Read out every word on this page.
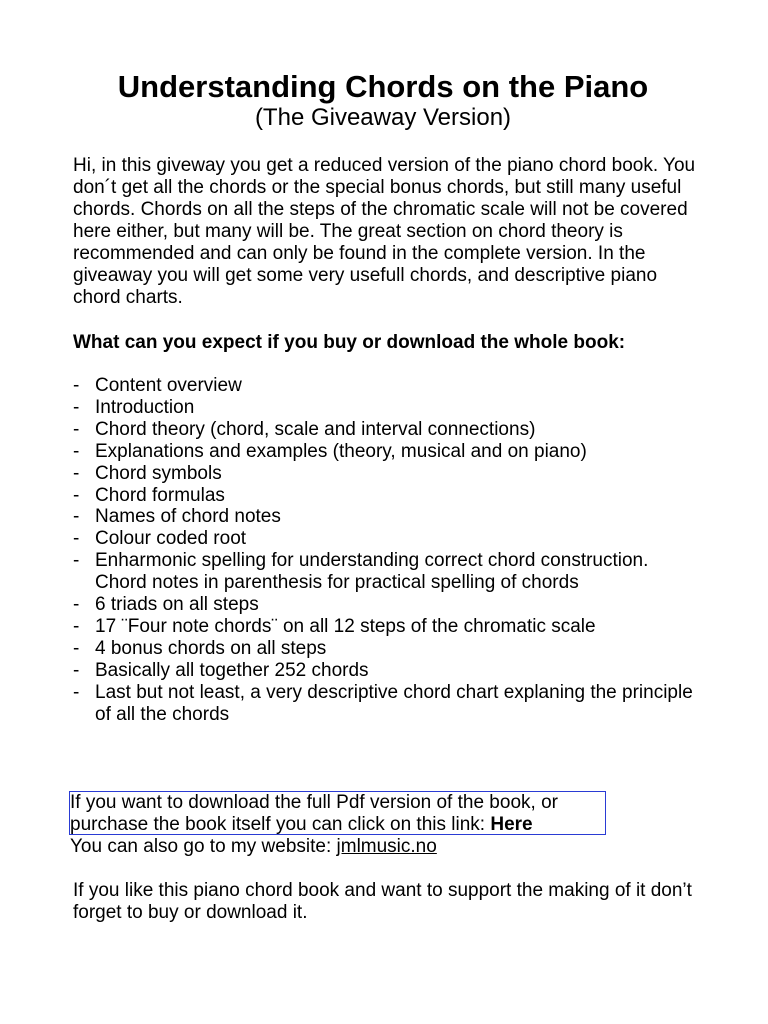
Understanding Chords on the Piano
(The Giveaway Version)

Hi, in this giveway you get a reduced version of the piano chord book. You don´t get all the chords or the special bonus chords, but still many useful chords. Chords on all the steps of the chromatic scale will not be covered here either, but many will be. The great section on chord theory is recommended and can only be found in the complete version. In the giveaway you will get some very usefull chords, and descriptive piano chord charts.

What can you expect if you buy or download the whole book:

- Content overview
- Introduction
- Chord theory (chord, scale and interval connections)
- Explanations and examples (theory, musical and on piano)
- Chord symbols
- Chord formulas
- Names of chord notes
- Colour coded root
- Enharmonic spelling for understanding correct chord construction. Chord notes in parenthesis for practical spelling of chords
- 6 triads on all steps
- 17 ¨Four note chords¨ on all 12 steps of the chromatic scale
- 4 bonus chords on all steps
- Basically all together 252 chords
- Last but not least, a very descriptive chord chart explaning the principle of all the chords

If you want to download the full Pdf version of the book, or purchase the book itself you can click on this link: Here

You can also go to my website: jmlmusic.no

If you like this piano chord book and want to support the making of it don’t forget to buy or download it.
